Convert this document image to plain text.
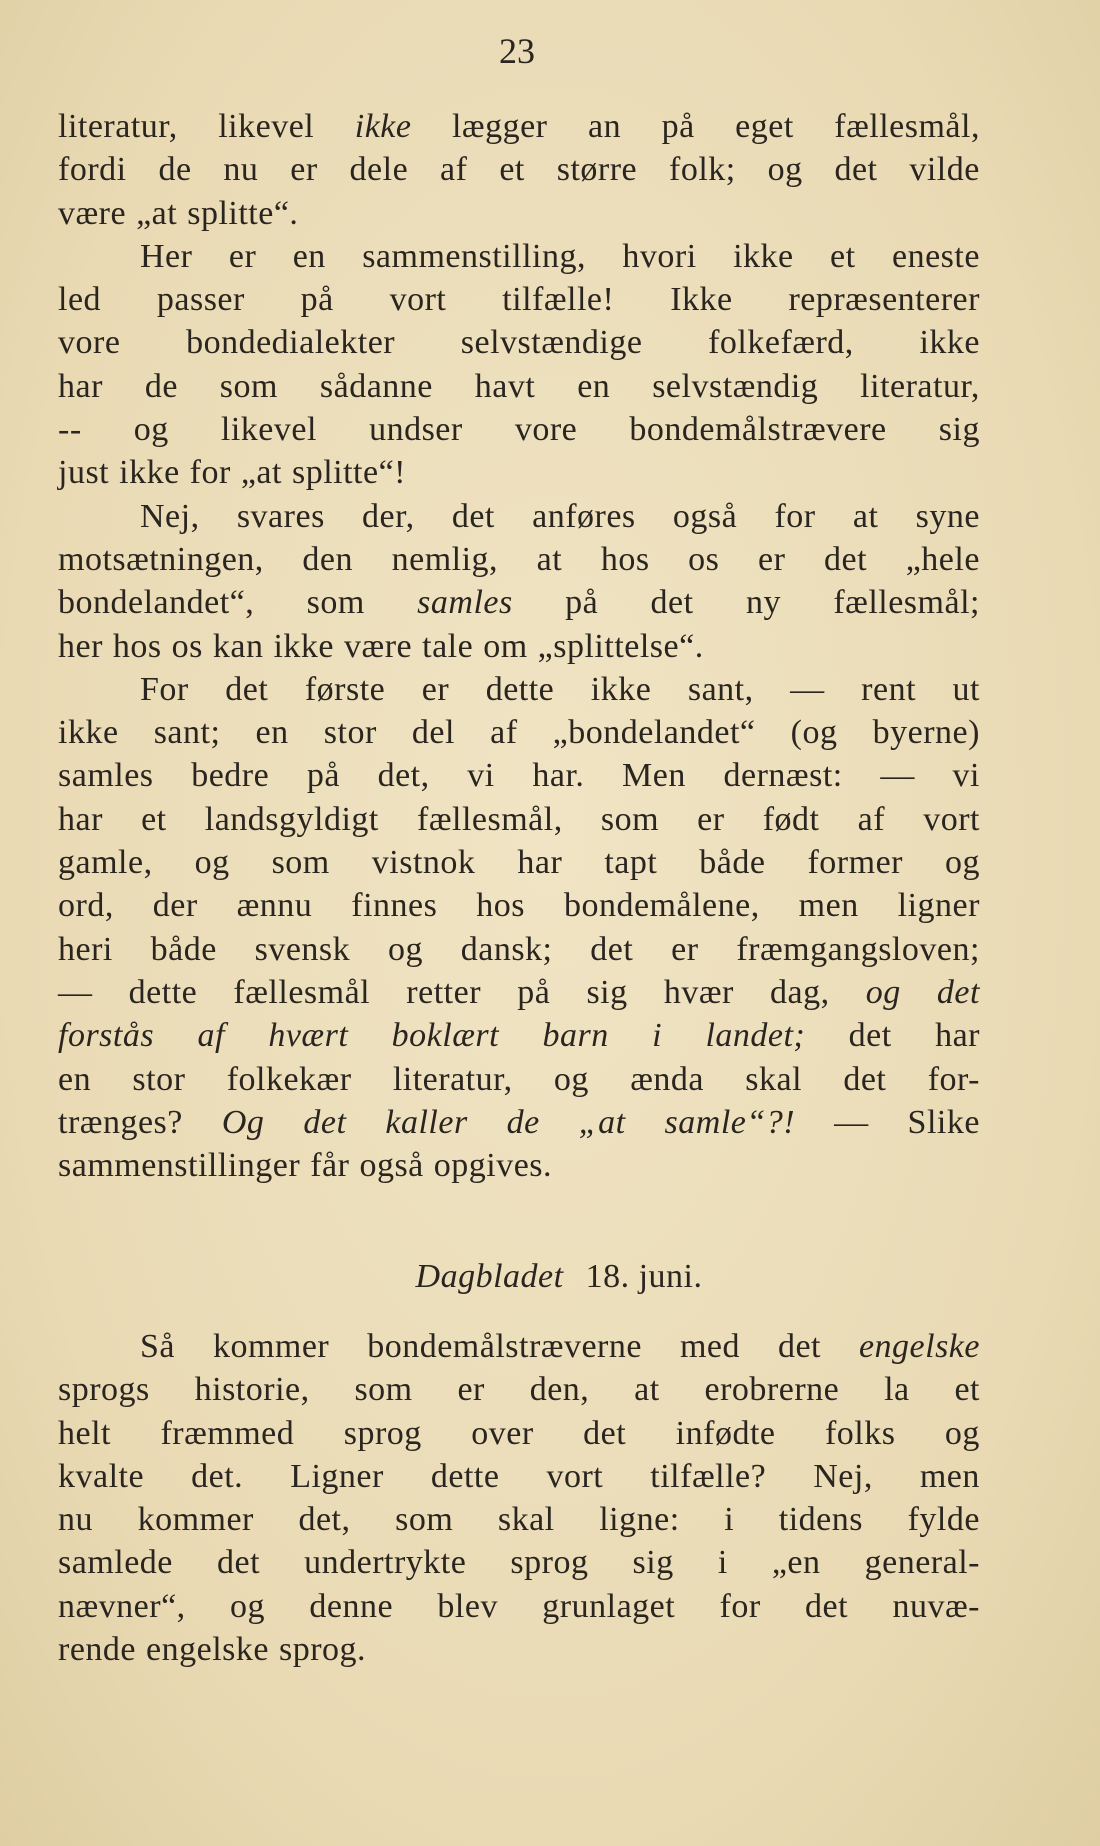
23
literatur, likevel ikke lægger an på eget fællesmål,
fordi de nu er dele af et større folk; og det vilde
være „at splitte“.
Her er en sammenstilling, hvori ikke et eneste
led passer på vort tilfælle! Ikke repræsenterer
vore bondedialekter selvstændige folkefærd, ikke
har de som sådanne havt en selvstændig literatur,
-- og likevel undser vore bondemålstrævere sig
just ikke for „at splitte“!
Nej, svares der, det anføres også for at syne
motsætningen, den nemlig, at hos os er det „hele
bondelandet“, som samles på det ny fællesmål;
her hos os kan ikke være tale om „splittelse“.
For det første er dette ikke sant, — rent ut
ikke sant; en stor del af „bondelandet“ (og byerne)
samles bedre på det, vi har. Men dernæst: — vi
har et landsgyldigt fællesmål, som er født af vort
gamle, og som vistnok har tapt både former og
ord, der ænnu finnes hos bondemålene, men ligner
heri både svensk og dansk; det er fræmgangsloven;
— dette fællesmål retter på sig hvær dag, og det
forstås af hvært boklært barn i landet; det har
en stor folkekær literatur, og ænda skal det for-
trænges? Og det kaller de „at samle“?! — Slike
sammenstillinger får også opgives.
Dagbladet 18. juni.
Så kommer bondemålstræverne med det engelske
sprogs historie, som er den, at erobrerne la et
helt fræmmed sprog over det infødte folks og
kvalte det. Ligner dette vort tilfælle? Nej, men
nu kommer det, som skal ligne: i tidens fylde
samlede det undertrykte sprog sig i „en general-
nævner“, og denne blev grunlaget for det nuvæ-
rende engelske sprog.
